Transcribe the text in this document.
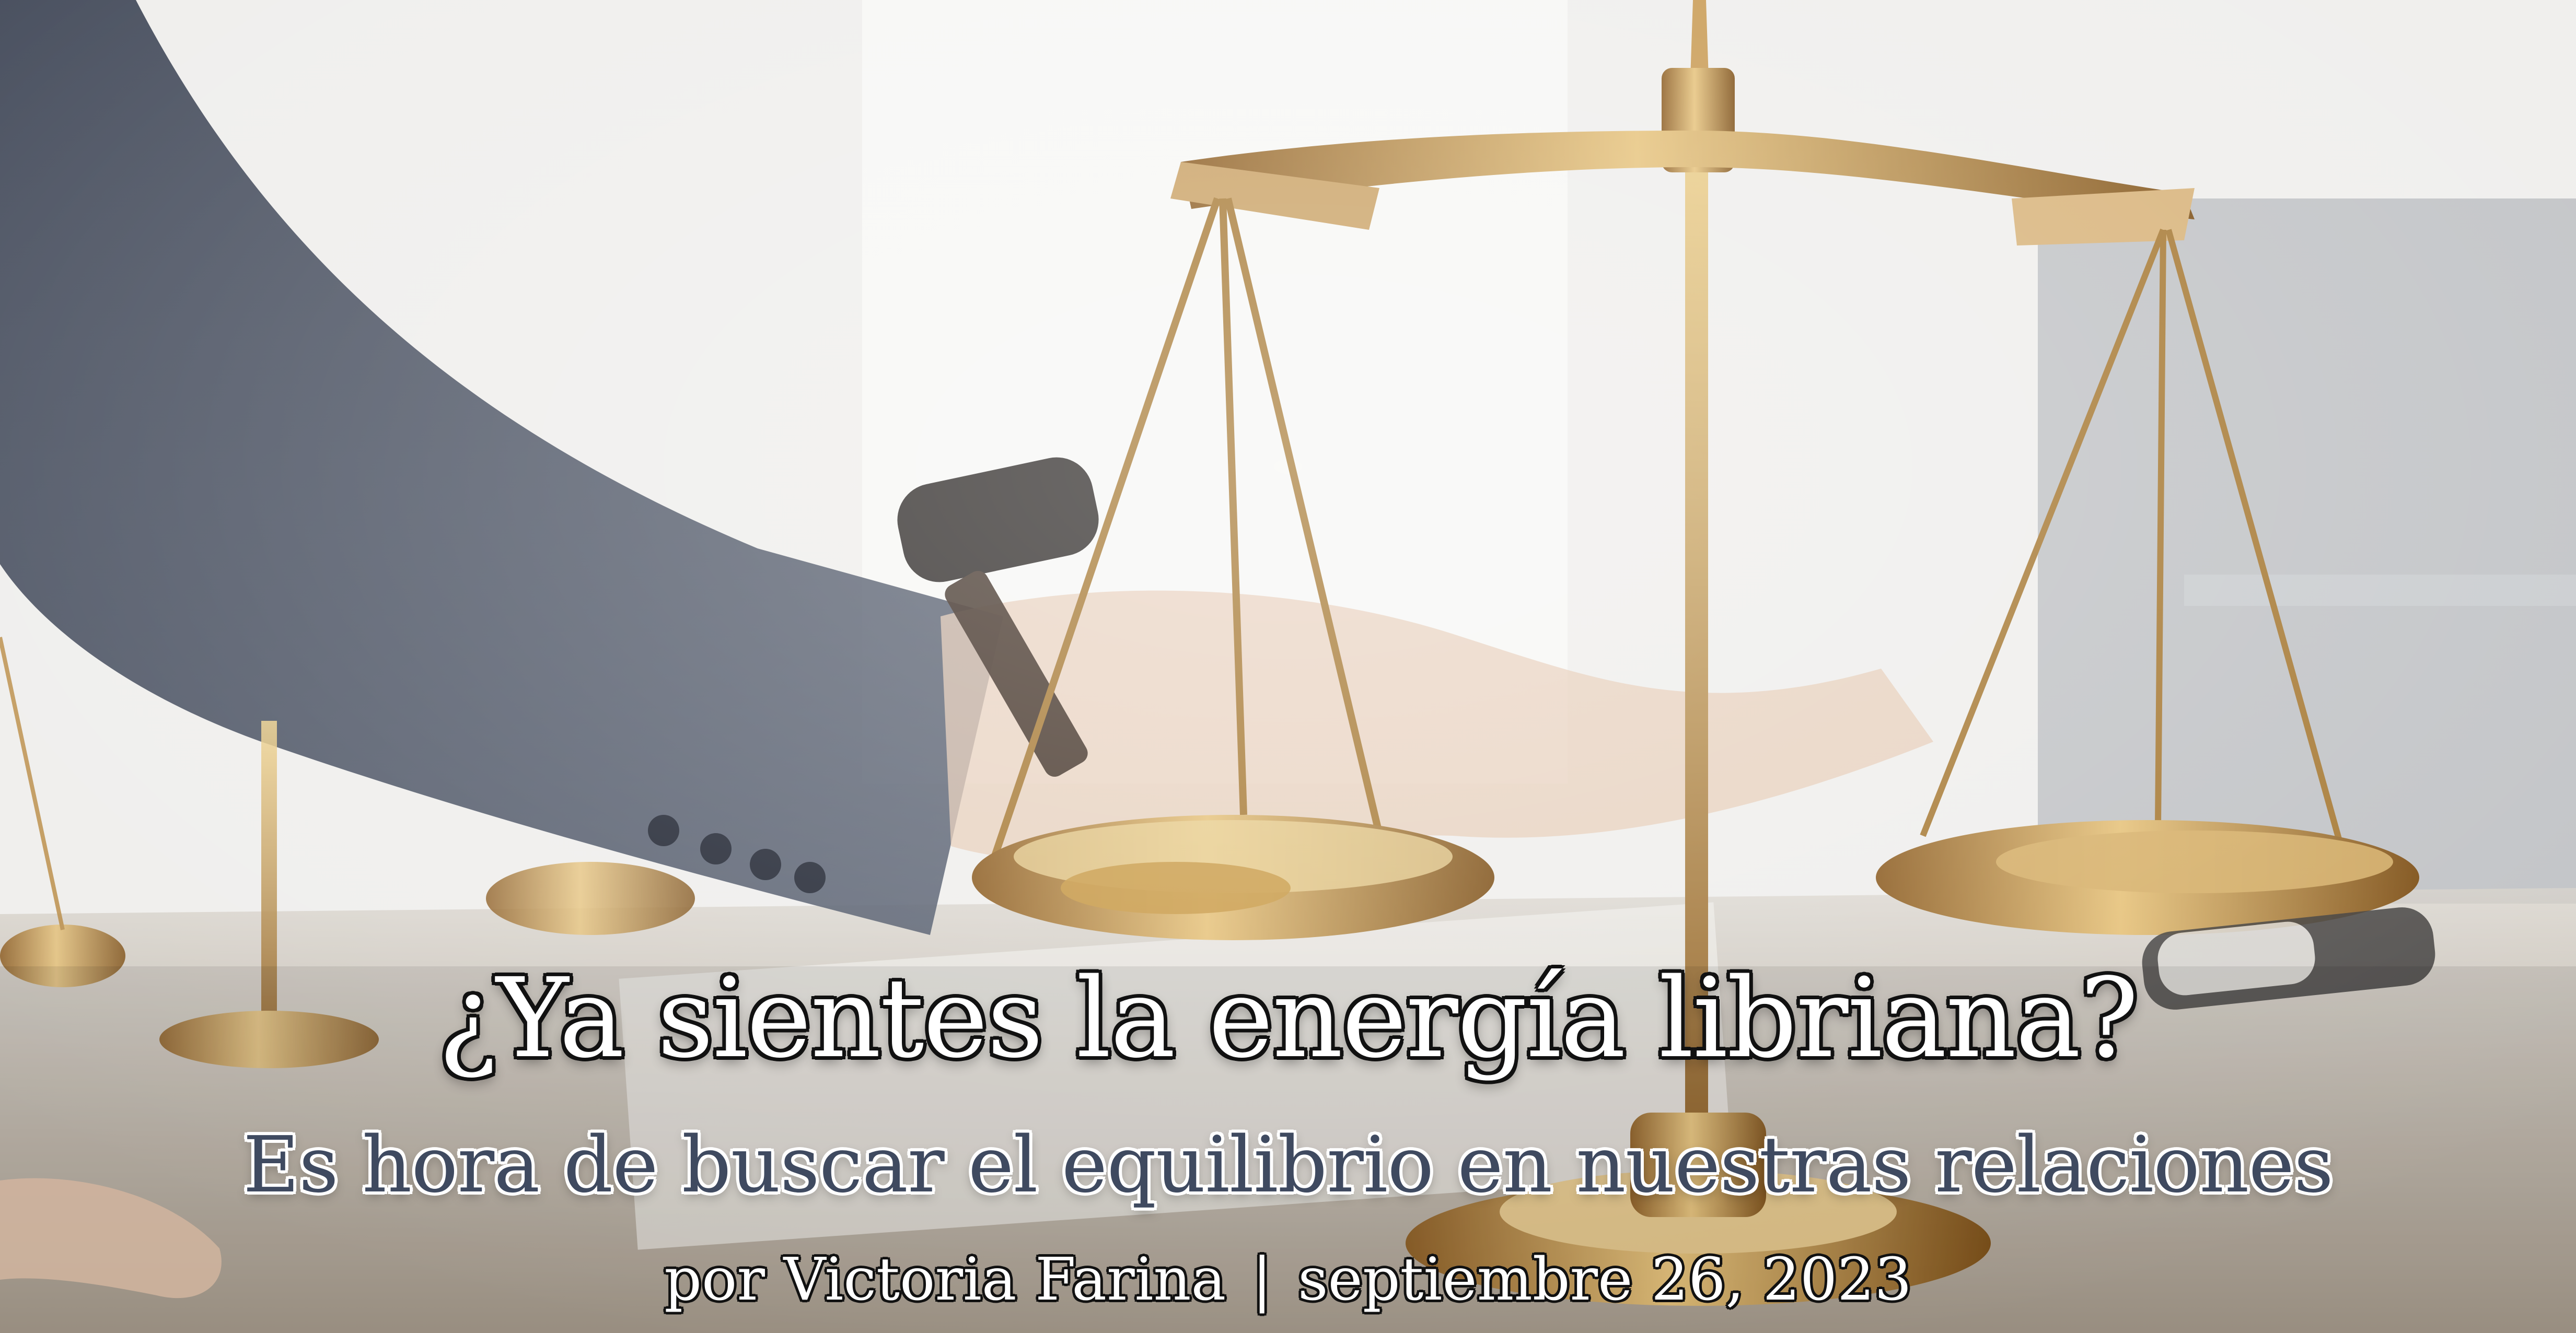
¿Ya sientes la energía libriana?
Es hora de buscar el equilibrio en nuestras relaciones
por Victoria Farina | septiembre 26, 2023
